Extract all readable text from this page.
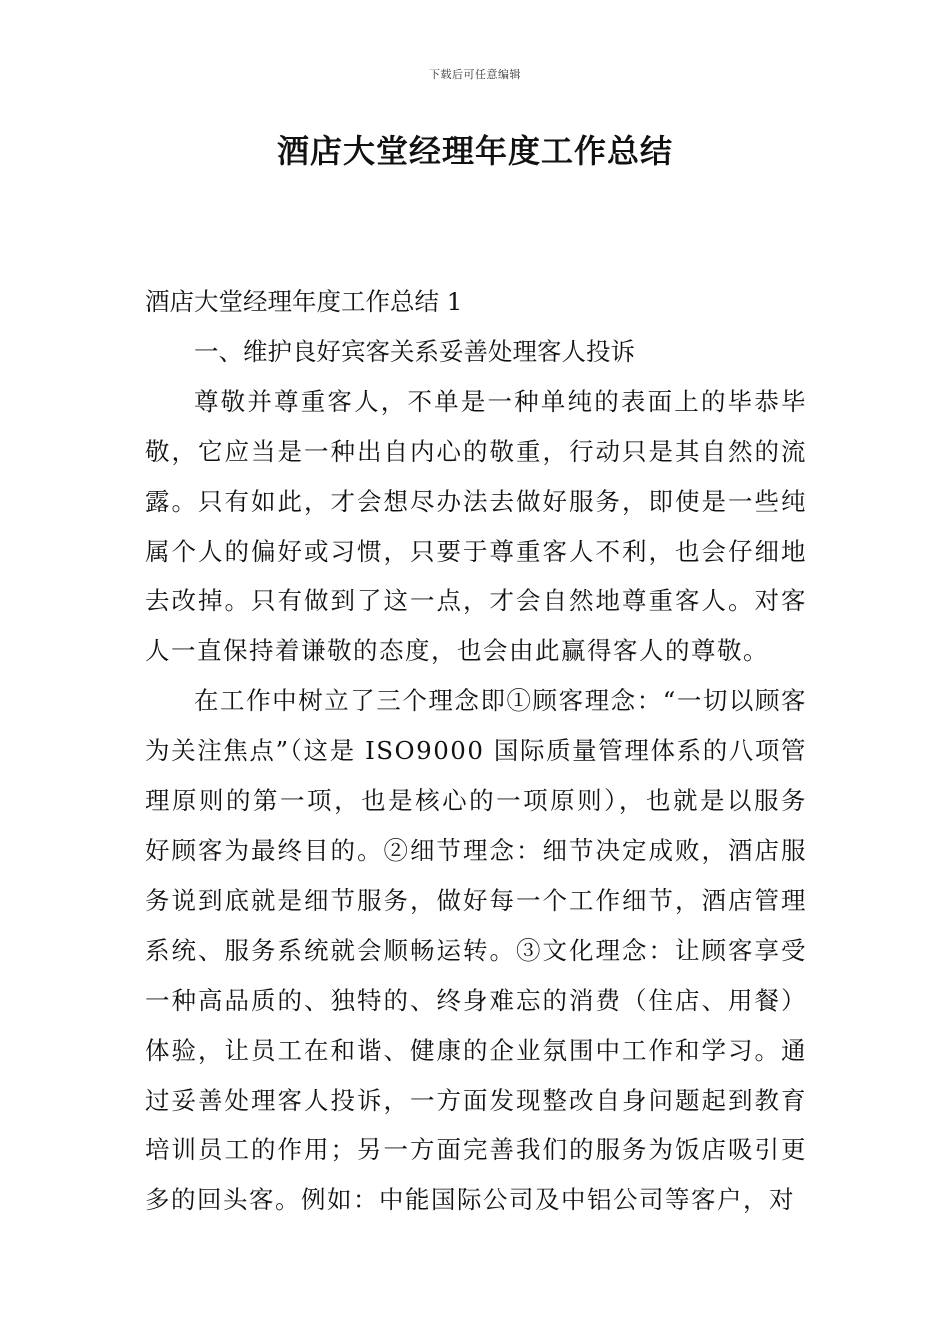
下载后可任意编辑
酒店大堂经理年度工作总结
酒店大堂经理年度工作总结 1
一、维护良好宾客关系妥善处理客人投诉

尊敬并尊重客人，不单是一种单纯的表面上的毕恭毕敬，它应当是一种出自内心的敬重，行动只是其自然的流露。只有如此，才会想尽办法去做好服务，即使是一些纯属个人的偏好或习惯，只要于尊重客人不利，也会仔细地去改掉。只有做到了这一点，才会自然地尊重客人。对客人一直保持着谦敬的态度，也会由此赢得客人的尊敬。

在工作中树立了三个理念即①顾客理念：“一切以顾客为关注焦点”（这是 ISO9000 国际质量管理体系的八项管理原则的第一项，也是核心的一项原则），也就是以服务好顾客为最终目的。②细节理念：细节决定成败，酒店服务说到底就是细节服务，做好每一个工作细节，酒店管理系统、服务系统就会顺畅运转。③文化理念：让顾客享受一种高品质的、独特的、终身难忘的消费（住店、用餐）体验，让员工在和谐、健康的企业氛围中工作和学习。通过妥善处理客人投诉，一方面发现整改自身问题起到教育培训员工的作用；另一方面完善我们的服务为饭店吸引更多的回头客。例如：中能国际公司及中铝公司等客户，对
